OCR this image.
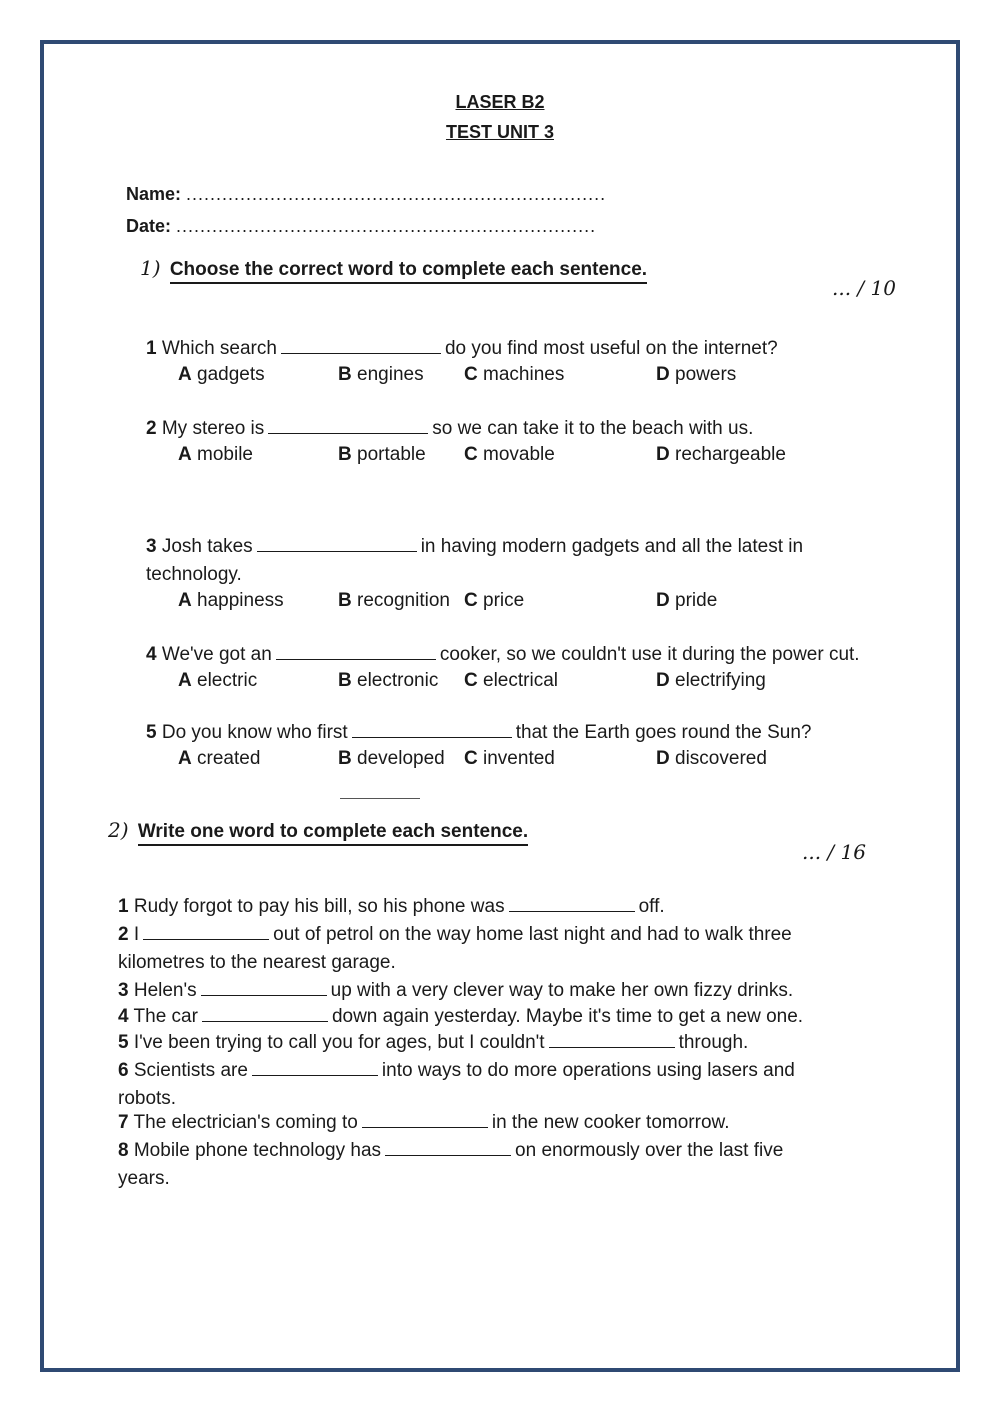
LASER B2
TEST UNIT 3
Name: ......................................................................
Date: ......................................................................
1) Choose the correct word to complete each sentence.
... / 10
1 Which search	do you find most useful on the internet?
A gadgets	B engines C machines	D powers
2 My stereo is	so we can take it to the beach with us.
A mobile	B portable C movable	D rechargeable
3 Josh takes	in having modern gadgets and all the latest in
technology.
A happiness	B recognition C price	D pride
4 We've got an	cooker, so we couldn't use it during the power cut.
A electric	B electronic C electrical	D electrifying
5 Do you know who first	that the Earth goes round the Sun?
A created	B developed C invented	D discovered
2) Write one word to complete each sentence.
... / 16
1 Rudy forgot to pay his bill, so his phone was	off.
2 I	out of petrol on the way home last night and had to walk three
kilometres to the nearest garage.
3 Helen's	up with a very clever way to make her own fizzy drinks.
4 The car	down again yesterday. Maybe it's time to get a new one.
5 I've been trying to call you for ages, but I couldn't	through.
6 Scientists are	into ways to do more operations using lasers and
robots.
7 The electrician's coming to	in the new cooker tomorrow.
8 Mobile phone technology has	on enormously over the last five
years.
